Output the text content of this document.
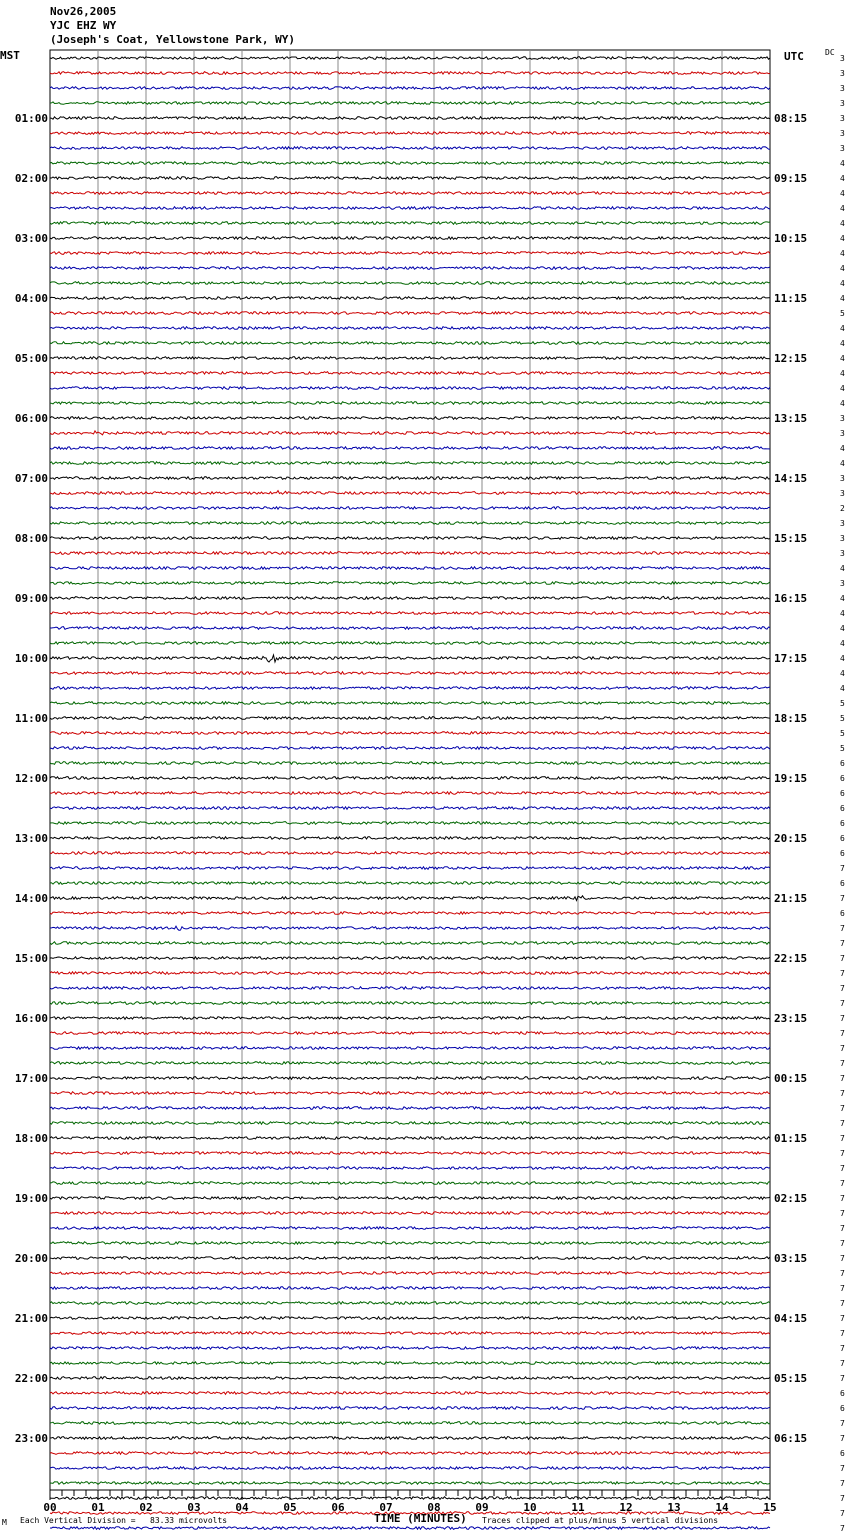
Nov26,2005
YJC EHZ WY
(Joseph's Coat, Yellowstone Park, WY)
MST	UTC	DC
01:00
02:00
03:00
04:00
05:00
06:00
07:00
08:00
09:00
10:00
11:00
12:00
13:00
14:00
15:00
16:00
17:00
18:00
19:00
20:00
21:00
22:00
23:00
08:15
09:15
10:15
11:15
12:15
13:15
14:15
15:15
16:15
17:15
18:15
19:15
20:15
21:15
22:15
23:15
00:15
01:15
02:15
03:15
04:15
05:15
06:15
3
3
3
3
3
3
3
4
4
4
4
4
4
4
4
4
4
5
4
4
4
4
4
4
3
3
4
4
3
3
2
3
3
3
4
3
4
4
4
4
4
4
4
5
5
5
5
6
6
6
6
6
6
6
7
6
7
6
7
7
7
7
7
7
7
7
7
7
7
7
7
7
7
7
7
7
7
7
7
7
7
7
7
7
7
7
7
7
7
6
6
7
7
6
7
7
7
7
7
00	01	02	03	04	05	06	07	08	09	10	11	12	13	14	15
M Each Vertical Division =   83.33 microvolts	TIME (MINUTES) Traces clipped at plus/minus 5 vertical divisions
